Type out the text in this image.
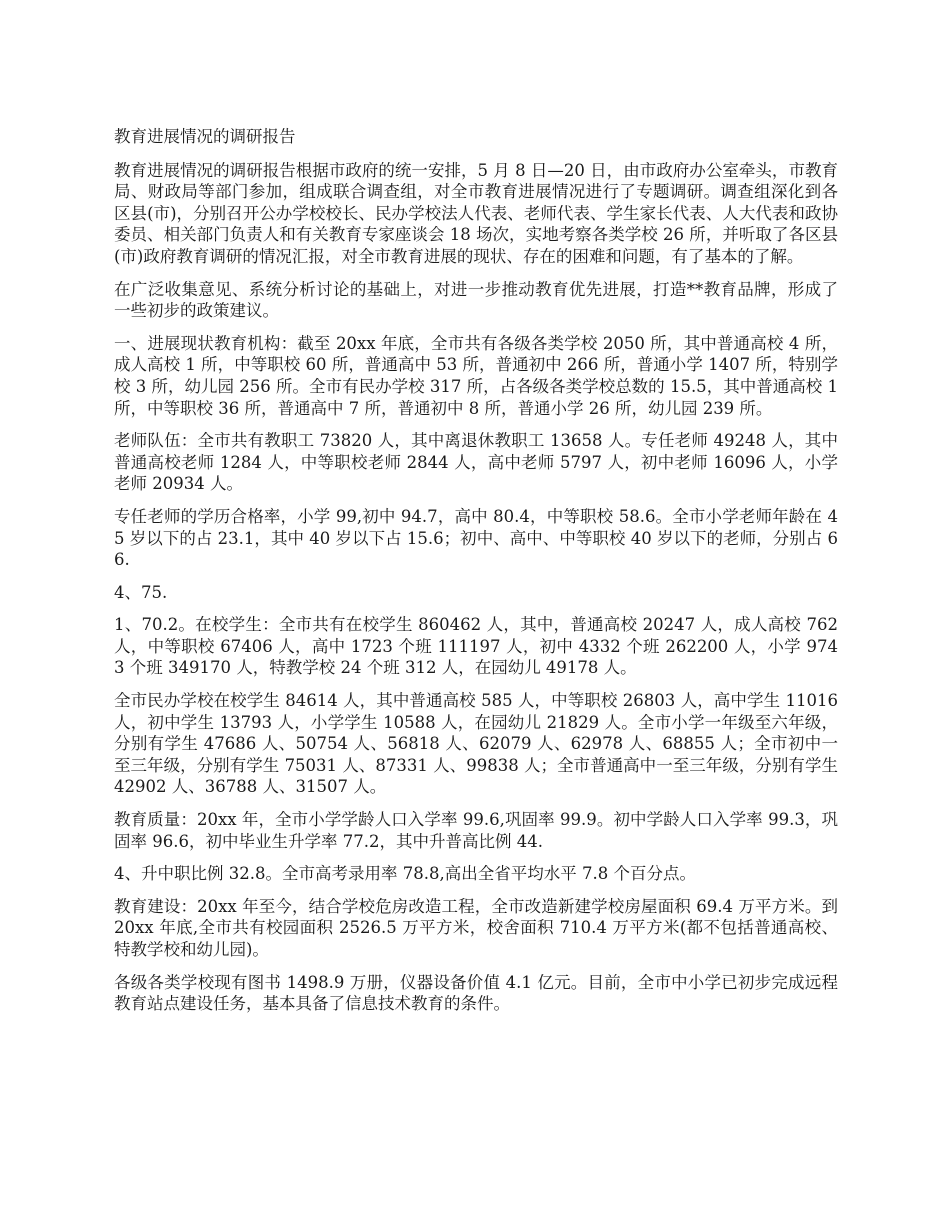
教育进展情况的调研报告

教育进展情况的调研报告根据市政府的统一安排，5 月 8 日—20 日，由市政府办公室牵头，市教育局、财政局等部门参加，组成联合调查组，对全市教育进展情况进行了专题调研。调查组深化到各区县(市)，分别召开公办学校校长、民办学校法人代表、老师代表、学生家长代表、人大代表和政协委员、相关部门负责人和有关教育专家座谈会 18 场次，实地考察各类学校 26 所，并听取了各区县(市)政府教育调研的情况汇报，对全市教育进展的现状、存在的困难和问题，有了基本的了解。

在广泛收集意见、系统分析讨论的基础上，对进一步推动教育优先进展，打造**教育品牌，形成了一些初步的政策建议。

一、进展现状教育机构：截至 20xx 年底，全市共有各级各类学校 2050 所，其中普通高校 4 所，成人高校 1 所，中等职校 60 所，普通高中 53 所，普通初中 266 所，普通小学 1407 所，特别学校 3 所，幼儿园 256 所。全市有民办学校 317 所，占各级各类学校总数的 15.5，其中普通高校 1 所，中等职校 36 所，普通高中 7 所，普通初中 8 所，普通小学 26 所，幼儿园 239 所。

老师队伍：全市共有教职工 73820 人，其中离退休教职工 13658 人。专任老师 49248 人，其中普通高校老师 1284 人，中等职校老师 2844 人，高中老师 5797 人，初中老师 16096 人，小学老师 20934 人。

专任老师的学历合格率，小学 99,初中 94.7，高中 80.4，中等职校 58.6。全市小学老师年龄在 45 岁以下的占 23.1，其中 40 岁以下占 15.6；初中、高中、中等职校 40 岁以下的老师，分别占 66.

4、75.

1、70.2。在校学生：全市共有在校学生 860462 人，其中，普通高校 20247 人，成人高校 762 人，中等职校 67406 人，高中 1723 个班 111197 人，初中 4332 个班 262200 人，小学 9743 个班 349170 人，特教学校 24 个班 312 人，在园幼儿 49178 人。

全市民办学校在校学生 84614 人，其中普通高校 585 人，中等职校 26803 人，高中学生 11016 人，初中学生 13793 人，小学学生 10588 人，在园幼儿 21829 人。全市小学一年级至六年级，分别有学生 47686 人、50754 人、56818 人、62079 人、62978 人、68855 人；全市初中一至三年级，分别有学生 75031 人、87331 人、99838 人；全市普通高中一至三年级，分别有学生 42902 人、36788 人、31507 人。

教育质量：20xx 年，全市小学学龄人口入学率 99.6,巩固率 99.9。初中学龄人口入学率 99.3，巩固率 96.6，初中毕业生升学率 77.2，其中升普高比例 44.

4、升中职比例 32.8。全市高考录用率 78.8,高出全省平均水平 7.8 个百分点。

教育建设：20xx 年至今，结合学校危房改造工程，全市改造新建学校房屋面积 69.4 万平方米。到 20xx 年底,全市共有校园面积 2526.5 万平方米，校舍面积 710.4 万平方米(都不包括普通高校、特教学校和幼儿园)。

各级各类学校现有图书 1498.9 万册，仪器设备价值 4.1 亿元。目前，全市中小学已初步完成远程教育站点建设任务，基本具备了信息技术教育的条件。
